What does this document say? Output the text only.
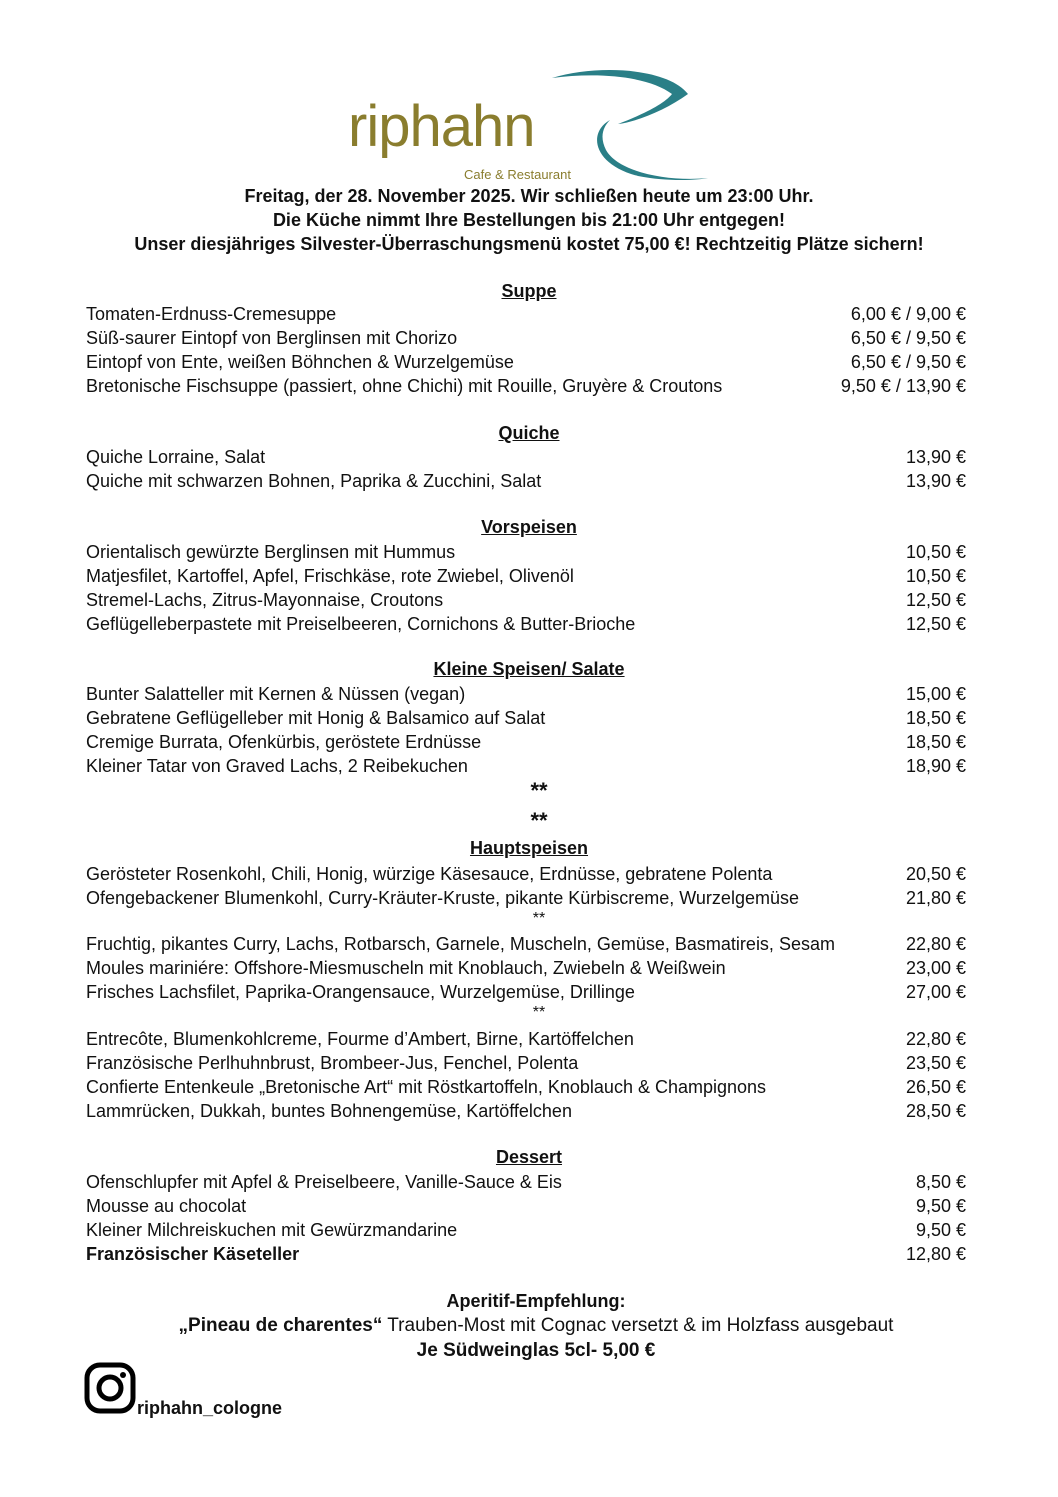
riphahn
Cafe & Restaurant
Freitag, der 28. November 2025. Wir schließen heute um 23:00 Uhr.
Die Küche nimmt Ihre Bestellungen bis 21:00 Uhr entgegen!
Unser diesjähriges Silvester-Überraschungsmenü kostet 75,00 €! Rechtzeitig Plätze sichern!
Suppe
Tomaten-Erdnuss-Cremesuppe	6,00 € / 9,00 €
Süß-saurer Eintopf von Berglinsen mit Chorizo	6,50 € / 9,50 €
Eintopf von Ente, weißen Böhnchen & Wurzelgemüse	6,50 € / 9,50 €
Bretonische Fischsuppe (passiert, ohne Chichi) mit Rouille, Gruyère & Croutons	9,50 € / 13,90 €
Quiche
Quiche Lorraine, Salat	13,90 €
Quiche mit schwarzen Bohnen, Paprika & Zucchini, Salat	13,90 €
Vorspeisen
Orientalisch gewürzte Berglinsen mit Hummus	10,50 €
Matjesfilet, Kartoffel, Apfel, Frischkäse, rote Zwiebel, Olivenöl	10,50 €
Stremel-Lachs, Zitrus-Mayonnaise, Croutons	12,50 €
Geflügelleberpastete mit Preiselbeeren, Cornichons & Butter-Brioche	12,50 €
Kleine Speisen/ Salate
Bunter Salatteller mit Kernen & Nüssen (vegan)	15,00 €
Gebratene Geflügelleber mit Honig & Balsamico auf Salat	18,50 €
Cremige Burrata, Ofenkürbis, geröstete Erdnüsse	18,50 €
Kleiner Tatar von Graved Lachs, 2 Reibekuchen	18,90 €
**
**
Hauptspeisen
Gerösteter Rosenkohl, Chili, Honig, würzige Käsesauce, Erdnüsse, gebratene Polenta	20,50 €
Ofengebackener Blumenkohl, Curry-Kräuter-Kruste, pikante Kürbiscreme, Wurzelgemüse	21,80 €
**
Fruchtig, pikantes Curry, Lachs, Rotbarsch, Garnele, Muscheln, Gemüse, Basmatireis, Sesam	22,80 €
Moules mariniére: Offshore-Miesmuscheln mit Knoblauch, Zwiebeln & Weißwein	23,00 €
Frisches Lachsfilet, Paprika-Orangensauce, Wurzelgemüse, Drillinge	27,00 €
**
Entrecôte, Blumenkohlcreme, Fourme d’Ambert, Birne, Kartöffelchen	22,80 €
Französische Perlhuhnbrust, Brombeer-Jus, Fenchel, Polenta	23,50 €
Confierte Entenkeule „Bretonische Art“ mit Röstkartoffeln, Knoblauch & Champignons	26,50 €
Lammrücken, Dukkah, buntes Bohnengemüse, Kartöffelchen	28,50 €
Dessert
Ofenschlupfer mit Apfel & Preiselbeere, Vanille-Sauce & Eis	8,50 €
Mousse au chocolat	9,50 €
Kleiner Milchreiskuchen mit Gewürzmandarine	9,50 €
Französischer Käseteller	12,80 €
Aperitif-Empfehlung:
„Pineau de charentes“ Trauben-Most mit Cognac versetzt & im Holzfass ausgebaut
Je Südweinglas 5cl- 5,00 €
riphahn_cologne
